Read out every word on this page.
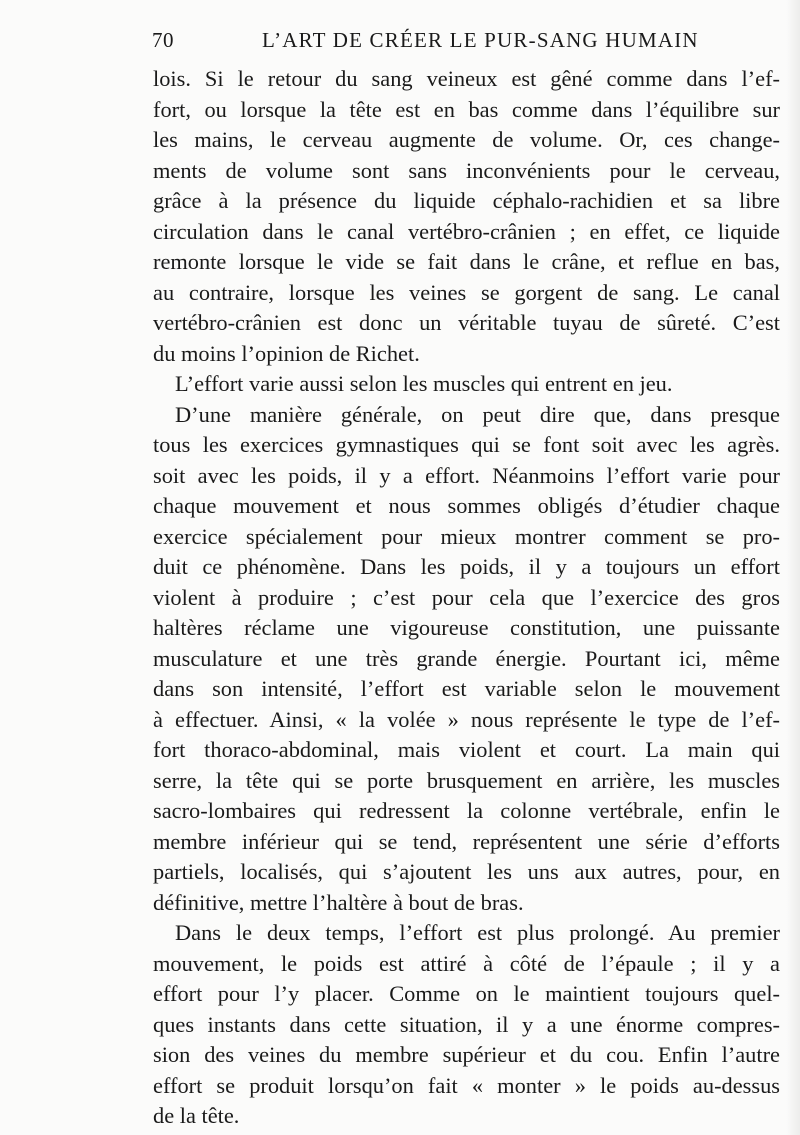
70	L’ART DE CRÉER LE PUR-SANG HUMAIN
lois. Si le retour du sang veineux est gêné comme dans l’ef-
fort, ou lorsque la tête est en bas comme dans l’équilibre sur
les mains, le cerveau augmente de volume. Or, ces change-
ments de volume sont sans inconvénients pour le cerveau,
grâce à la présence du liquide céphalo-rachidien et sa libre
circulation dans le canal vertébro-crânien ; en effet, ce liquide
remonte lorsque le vide se fait dans le crâne, et reflue en bas,
au contraire, lorsque les veines se gorgent de sang. Le canal
vertébro-crânien est donc un véritable tuyau de sûreté. C’est
du moins l’opinion de Richet.
L’effort varie aussi selon les muscles qui entrent en jeu.
D’une manière générale, on peut dire que, dans presque
tous les exercices gymnastiques qui se font soit avec les agrès.
soit avec les poids, il y a effort. Néanmoins l’effort varie pour
chaque mouvement et nous sommes obligés d’étudier chaque
exercice spécialement pour mieux montrer comment se pro-
duit ce phénomène. Dans les poids, il y a toujours un effort
violent à produire ; c’est pour cela que l’exercice des gros
haltères réclame une vigoureuse constitution, une puissante
musculature et une très grande énergie. Pourtant ici, même
dans son intensité, l’effort est variable selon le mouvement
à effectuer. Ainsi, « la volée » nous représente le type de l’ef-
fort thoraco-abdominal, mais violent et court. La main qui
serre, la tête qui se porte brusquement en arrière, les muscles
sacro-lombaires qui redressent la colonne vertébrale, enfin le
membre inférieur qui se tend, représentent une série d’efforts
partiels, localisés, qui s’ajoutent les uns aux autres, pour, en
définitive, mettre l’haltère à bout de bras.
Dans le deux temps, l’effort est plus prolongé. Au premier
mouvement, le poids est attiré à côté de l’épaule ; il y a
effort pour l’y placer. Comme on le maintient toujours quel-
ques instants dans cette situation, il y a une énorme compres-
sion des veines du membre supérieur et du cou. Enfin l’autre
effort se produit lorsqu’on fait « monter » le poids au-dessus
de la tête.
